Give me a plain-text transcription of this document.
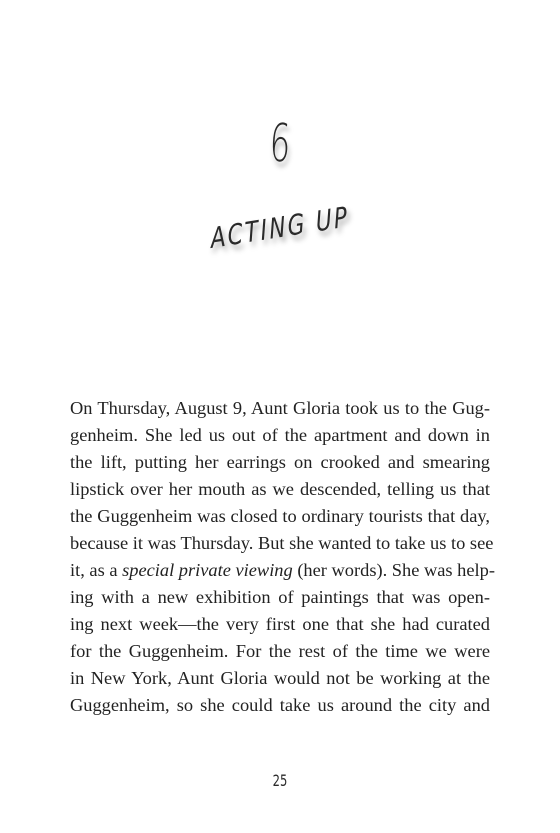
6
ACTING UP
On Thursday, August 9, Aunt Gloria took us to the Gug-
genheim. She led us out of the apartment and down in
the lift, putting her earrings on crooked and smearing
lipstick over her mouth as we descended, telling us that
the Guggenheim was closed to ordinary tourists that day,
because it was Thursday. But she wanted to take us to see
it, as a special private viewing (her words). She was help-
ing with a new exhibition of paintings that was open-
ing next week—the very first one that she had curated
for the Guggenheim. For the rest of the time we were
in New York, Aunt Gloria would not be working at the
Guggenheim, so she could take us around the city and
25
